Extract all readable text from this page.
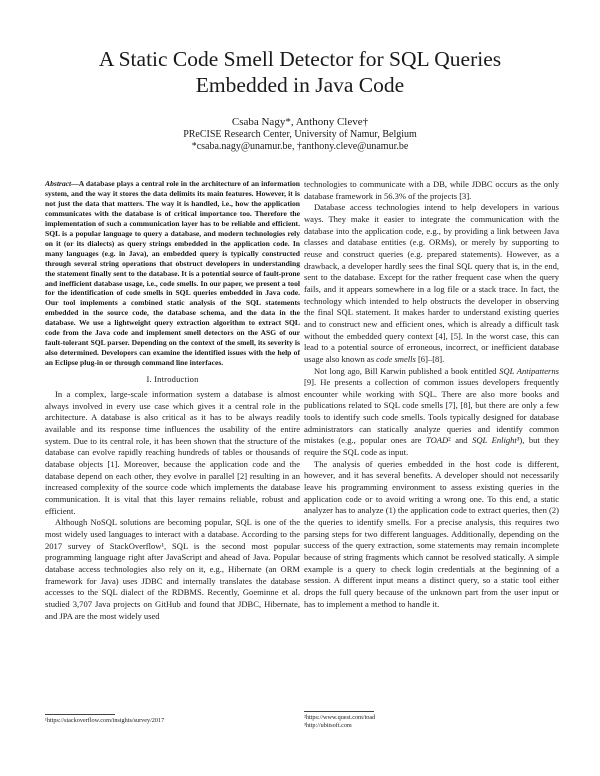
A Static Code Smell Detector for SQL Queries
Embedded in Java Code
Csaba Nagy*, Anthony Cleve†
PReCISE Research Center, University of Namur, Belgium
*csaba.nagy@unamur.be, †anthony.cleve@unamur.be

Abstract—A database plays a central role in the architecture of an information system, and the way it stores the data delimits its main features. However, it is not just the data that matters. The way it is handled, i.e., how the application communicates with the database is of critical importance too. Therefore the implementation of such a communication layer has to be reliable and efficient. SQL is a popular language to query a database, and modern technologies rely on it (or its dialects) as query strings embedded in the application code. In many languages (e.g. in Java), an embedded query is typically constructed through several string operations that obstruct developers in understanding the statement finally sent to the database. It is a potential source of fault-prone and inefficient database usage, i.e., code smells. In our paper, we present a tool for the identification of code smells in SQL queries embedded in Java code. Our tool implements a combined static analysis of the SQL statements embedded in the source code, the database schema, and the data in the database. We use a lightweight query extraction algorithm to extract SQL code from the Java code and implement smell detectors on the ASG of our fault-tolerant SQL parser. Depending on the context of the smell, its severity is also determined. Developers can examine the identified issues with the help of an Eclipse plug-in or through command line interfaces.

I. Introduction

In a complex, large-scale information system a database is almost always involved in every use case which gives it a central role in the architecture. A database is also critical as it has to be always readily available and its response time influences the usability of the entire system. Due to its central role, it has been shown that the structure of the database can evolve rapidly reaching hundreds of tables or thousands of database objects [1]. Moreover, because the application code and the database depend on each other, they evolve in parallel [2] resulting in an increased complexity of the source code which implements the database communication. It is vital that this layer remains reliable, robust and efficient.

Although NoSQL solutions are becoming popular, SQL is one of the most widely used languages to interact with a database. According to the 2017 survey of StackOverflow¹, SQL is the second most popular programming language right after JavaScript and ahead of Java. Popular database access technologies also rely on it, e.g., Hibernate (an ORM framework for Java) uses JDBC and internally translates the database accesses to the SQL dialect of the RDBMS. Recently, Goeminne et al. studied 3,707 Java projects on GitHub and found that JDBC, Hibernate, and JPA are the most widely used

technologies to communicate with a DB, while JDBC occurs as the only database framework in 56.3% of the projects [3].

Database access technologies intend to help developers in various ways. They make it easier to integrate the communication with the database into the application code, e.g., by providing a link between Java classes and database entities (e.g. ORMs), or merely by supporting to reuse and construct queries (e.g. prepared statements). However, as a drawback, a developer hardly sees the final SQL query that is, in the end, sent to the database. Except for the rather frequent case when the query fails, and it appears somewhere in a log file or a stack trace. In fact, the technology which intended to help obstructs the developer in observing the final SQL statement. It makes harder to understand existing queries and to construct new and efficient ones, which is already a difficult task without the embedded query context [4], [5]. In the worst case, this can lead to a potential source of erroneous, incorrect, or inefficient database usage also known as code smells [6]–[8].

Not long ago, Bill Karwin published a book entitled SQL Antipatterns [9]. He presents a collection of common issues developers frequently encounter while working with SQL. There are also more books and publications related to SQL code smells [7], [8], but there are only a few tools to identify such code smells. Tools typically designed for database administrators can statically analyze queries and identify common mistakes (e.g., popular ones are TOAD² and SQL Enlight³), but they require the SQL code as input.

The analysis of queries embedded in the host code is different, however, and it has several benefits. A developer should not necessarily leave his programming environment to assess existing queries in the application code or to avoid writing a wrong one. To this end, a static analyzer has to analyze (1) the application code to extract queries, then (2) the queries to identify smells. For a precise analysis, this requires two parsing steps for two different languages. Additionally, depending on the success of the query extraction, some statements may remain incomplete because of string fragments which cannot be resolved statically. A simple example is a query to check login credentials at the beginning of a session. A different input means a distinct query, so a static tool either drops the full query because of the unknown part from the user input or has to implement a method to handle it.

¹https://stackoverflow.com/insights/survey/2017	²https://www.quest.com/toad
³http://ubitsoft.com
